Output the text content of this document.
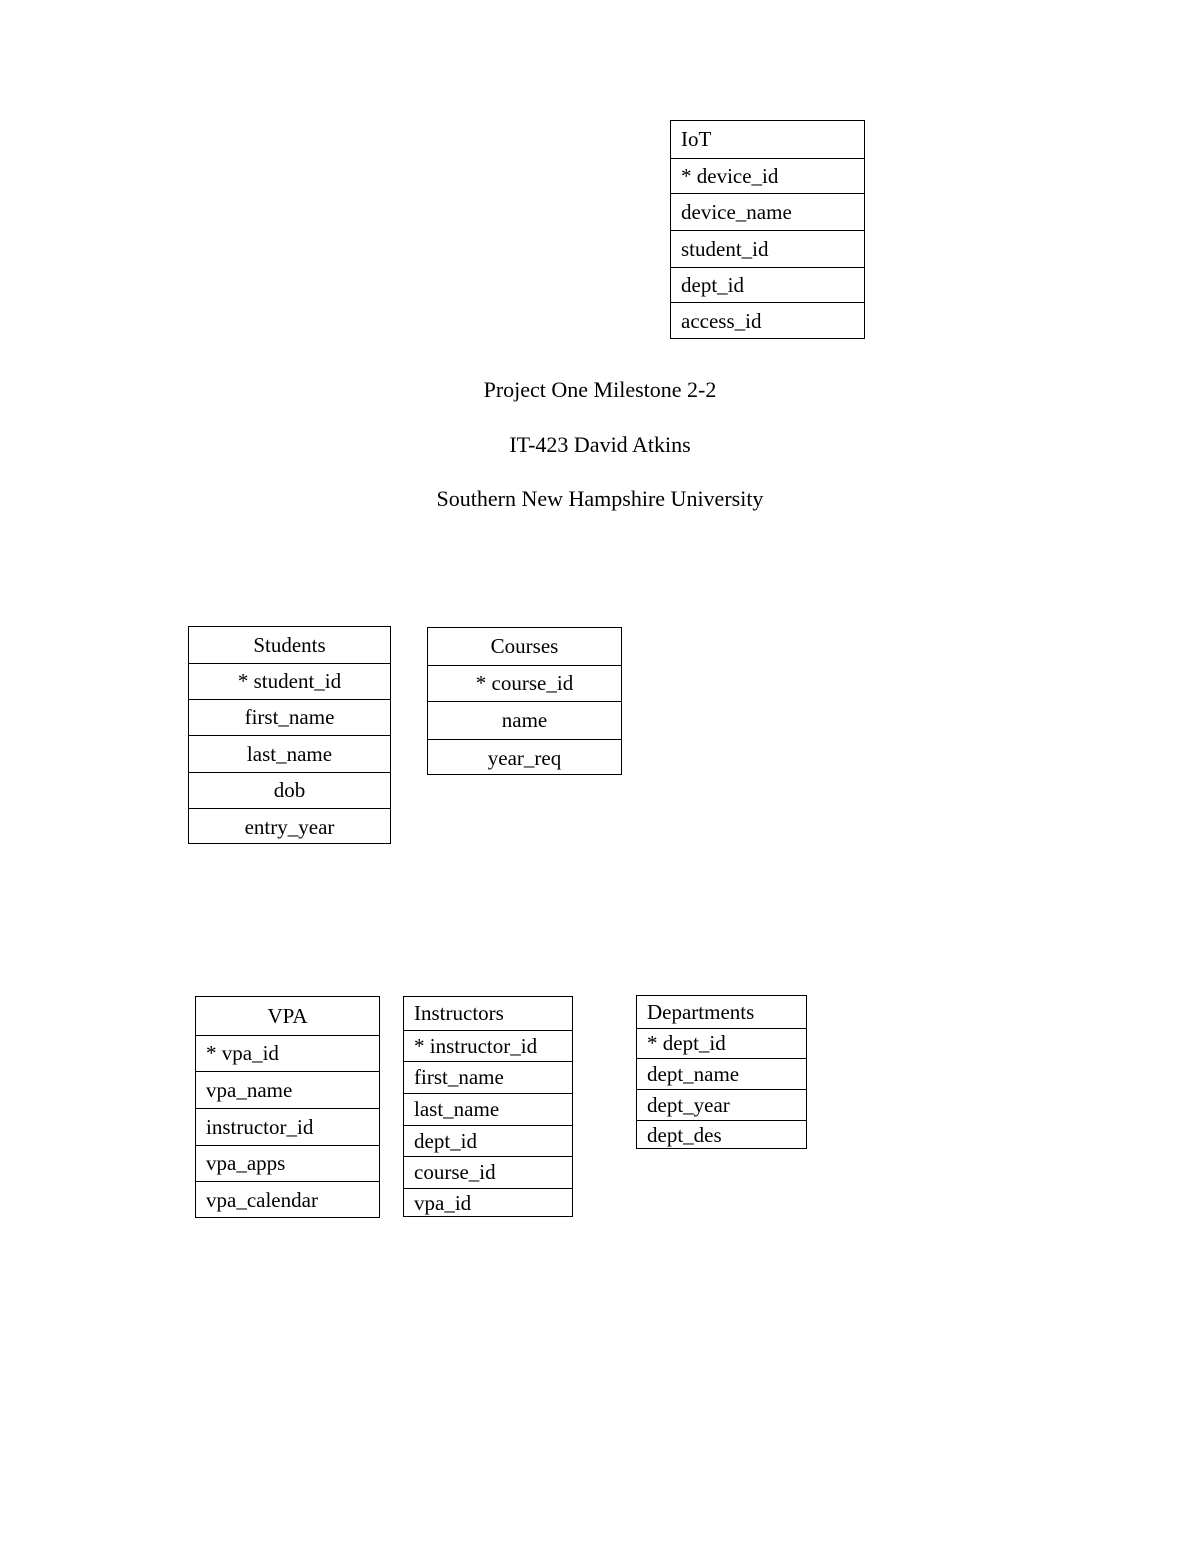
IoT
* device_id
device_name
student_id
dept_id
access_id
Project One Milestone 2-2
IT-423 David Atkins
Southern New Hampshire University
Students
* student_id
first_name
last_name
dob
entry_year
Courses
* course_id
name
year_req
VPA
* vpa_id
vpa_name
instructor_id
vpa_apps
vpa_calendar
Instructors
* instructor_id
first_name
last_name
dept_id
course_id
vpa_id
Departments
* dept_id
dept_name
dept_year
dept_des
